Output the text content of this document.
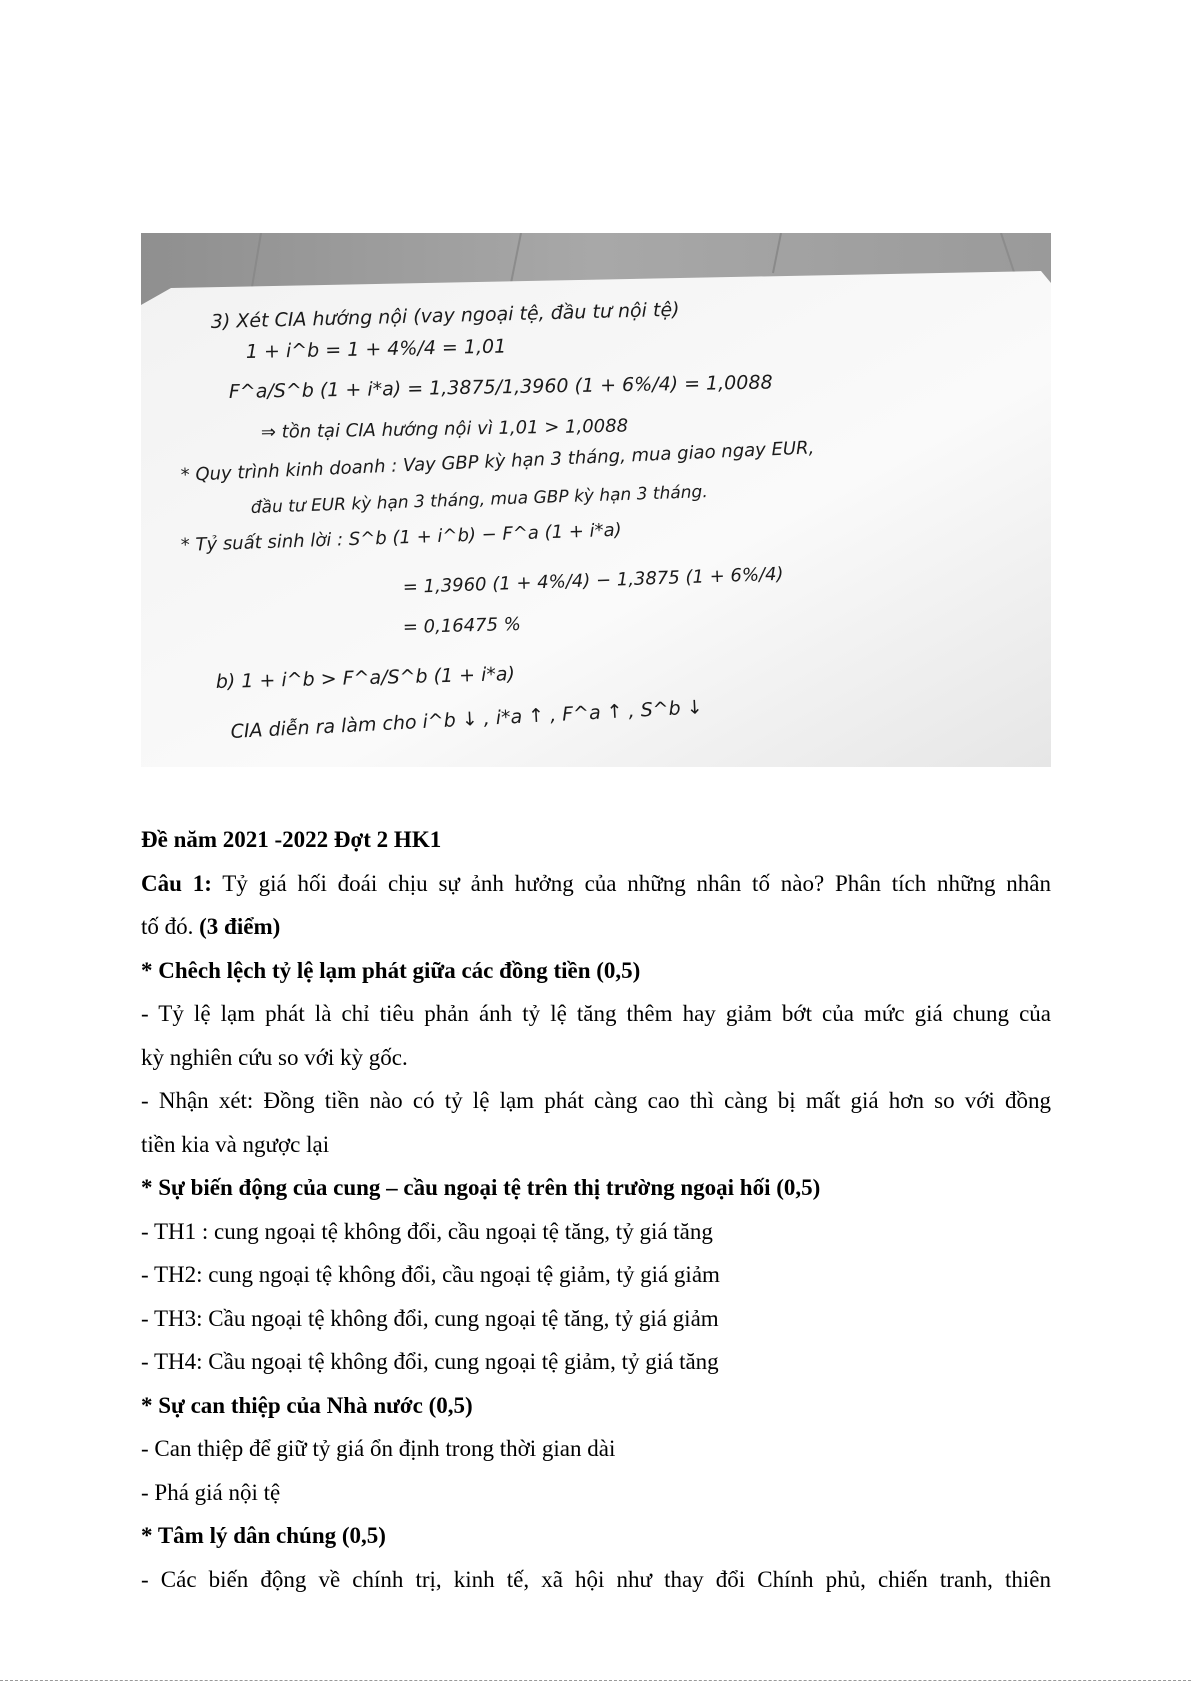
3) Xét CIA hướng nội (vay ngoại tệ, đầu tư nội tệ)
1 + i^b = 1 + 4%/4 = 1,01
F^a/S^b (1 + i*a) = 1,3875/1,3960 (1 + 6%/4) = 1,0088
⇒ tồn tại CIA hướng nội vì 1,01 > 1,0088
* Quy trình kinh doanh : Vay GBP kỳ hạn 3 tháng, mua giao ngay EUR,
đầu tư EUR kỳ hạn 3 tháng, mua GBP kỳ hạn 3 tháng.
* Tỷ suất sinh lời : S^b (1 + i^b) − F^a (1 + i*a)
= 1,3960 (1 + 4%/4) − 1,3875 (1 + 6%/4)
= 0,16475 %
b) 1 + i^b > F^a/S^b (1 + i*a)
CIA diễn ra làm cho i^b ↓ , i*a ↑ , F^a ↑ , S^b ↓
Đề năm 2021 -2022 Đợt 2 HK1
Câu 1: Tỷ giá hối đoái chịu sự ảnh hưởng của những nhân tố nào? Phân tích những nhân
tố đó. (3 điểm)
* Chêch lệch tỷ lệ lạm phát giữa các đồng tiền (0,5)
- Tỷ lệ lạm phát là chỉ tiêu phản ánh tỷ lệ tăng thêm hay giảm bớt của mức giá chung của
kỳ nghiên cứu so với kỳ gốc.
- Nhận xét: Đồng tiền nào có tỷ lệ lạm phát càng cao thì càng bị mất giá hơn so với đồng
tiền kia và ngược lại
* Sự biến động của cung – cầu ngoại tệ trên thị trường ngoại hối (0,5)
- TH1 : cung ngoại tệ không đổi, cầu ngoại tệ tăng, tỷ giá tăng
- TH2: cung ngoại tệ không đổi, cầu ngoại tệ giảm, tỷ giá giảm
- TH3: Cầu ngoại tệ không đổi, cung ngoại tệ tăng, tỷ giá giảm
- TH4: Cầu ngoại tệ không đổi, cung ngoại tệ giảm, tỷ giá tăng
* Sự can thiệp của Nhà nước (0,5)
- Can thiệp để giữ tỷ giá ổn định trong thời gian dài
- Phá giá nội tệ
* Tâm lý dân chúng (0,5)
- Các biến động về chính trị, kinh tế, xã hội như thay đổi Chính phủ, chiến tranh, thiên
